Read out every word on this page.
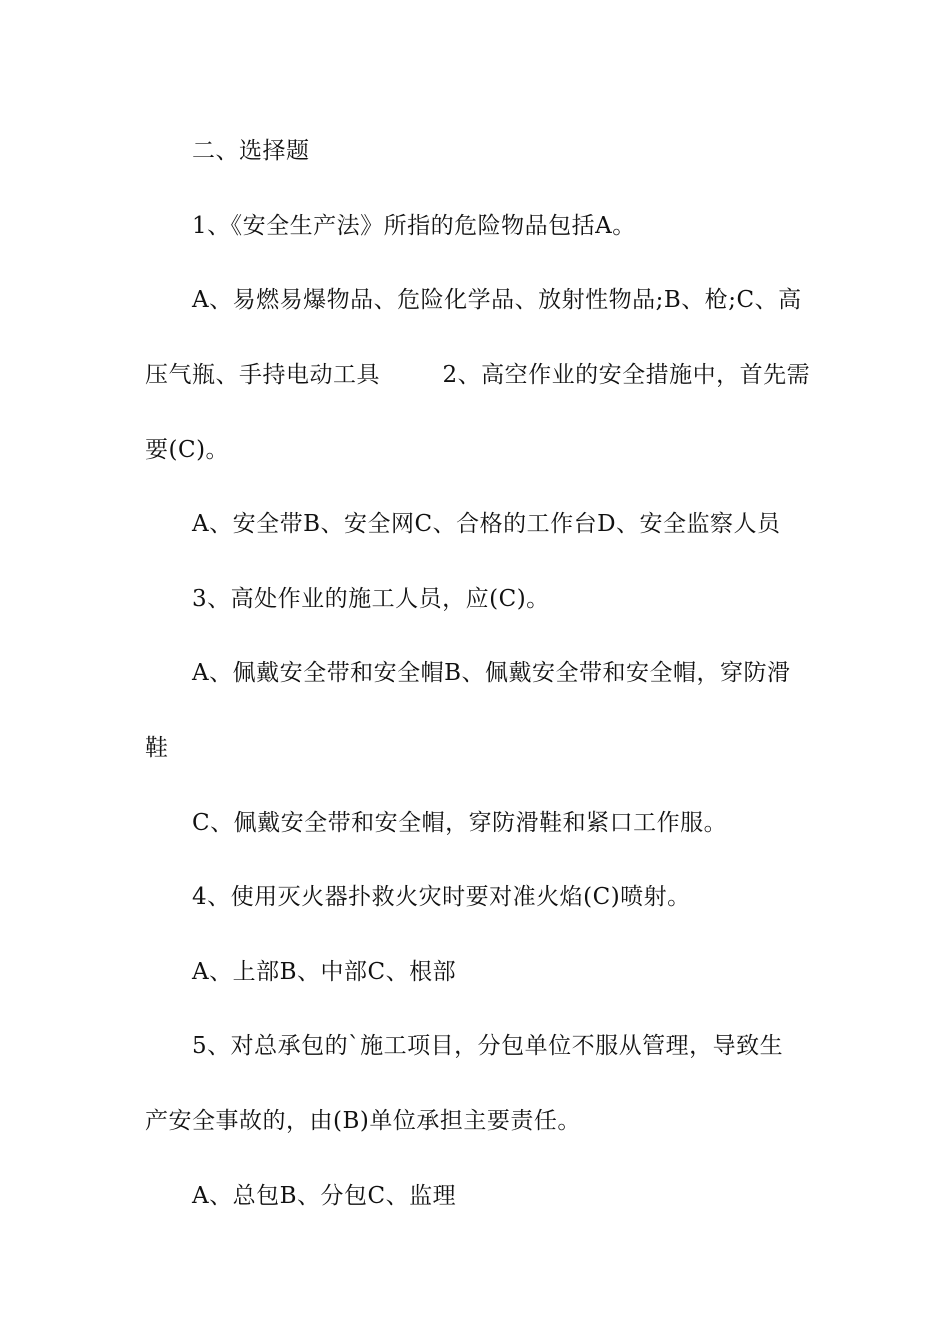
二、选择题
1、《安全生产法》所指的危险物品包括A。
A、易燃易爆物品、危险化学品、放射性物品;B、枪;C、高
压气瓶、手持电动工具        2、高空作业的安全措施中，首先需
要(C)。
A、安全带B、安全网C、合格的工作台D、安全监察人员
3、高处作业的施工人员，应(C)。
A、佩戴安全带和安全帽B、佩戴安全带和安全帽，穿防滑
鞋
C、佩戴安全带和安全帽，穿防滑鞋和紧口工作服。
4、使用灭火器扑救火灾时要对准火焰(C)喷射。
A、上部B、中部C、根部
5、对总承包的`施工项目，分包单位不服从管理，导致生
产安全事故的，由(B)单位承担主要责任。
A、总包B、分包C、监理
